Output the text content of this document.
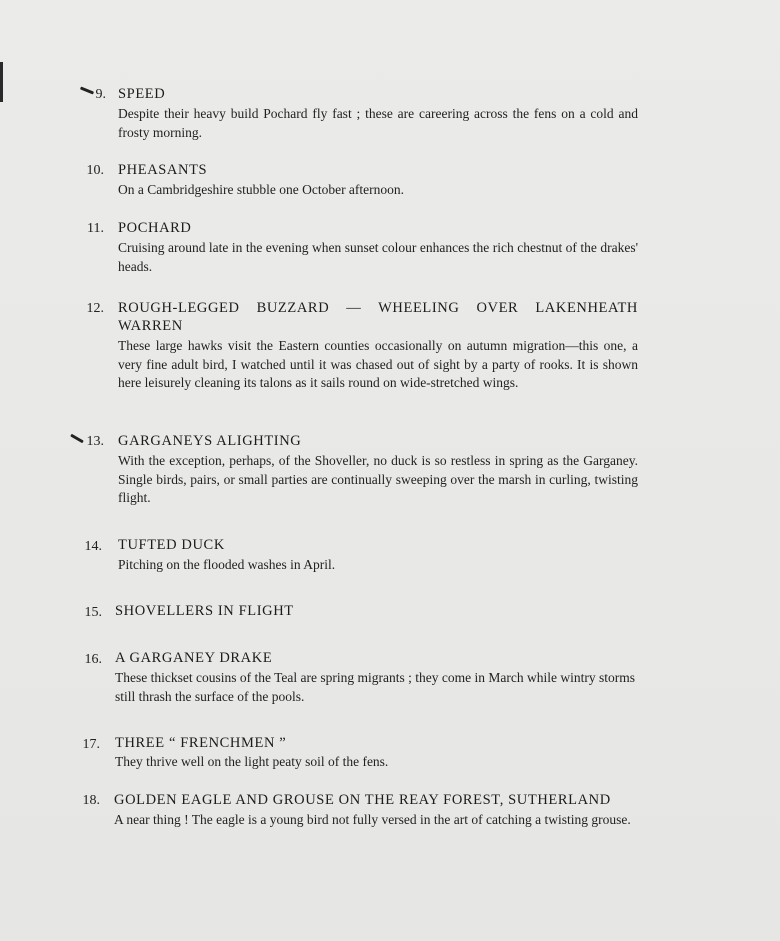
9. SPEED
Despite their heavy build Pochard fly fast ; these are careering across the fens on a cold and frosty morning.
10. PHEASANTS
On a Cambridgeshire stubble one October afternoon.
11. POCHARD
Cruising around late in the evening when sunset colour enhances the rich chestnut of the drakes' heads.
12. ROUGH-LEGGED BUZZARD — WHEELING OVER LAKENHEATH WARREN
These large hawks visit the Eastern counties occasionally on autumn migration—this one, a very fine adult bird, I watched until it was chased out of sight by a party of rooks. It is shown here leisurely cleaning its talons as it sails round on wide-stretched wings.
13. GARGANEYS ALIGHTING
With the exception, perhaps, of the Shoveller, no duck is so restless in spring as the Garganey. Single birds, pairs, or small parties are continually sweeping over the marsh in curling, twisting flight.
14. TUFTED DUCK
Pitching on the flooded washes in April.
15. SHOVELLERS IN FLIGHT
16. A GARGANEY DRAKE
These thickset cousins of the Teal are spring migrants ; they come in March while wintry storms still thrash the surface of the pools.
17. THREE “ FRENCHMEN ”
They thrive well on the light peaty soil of the fens.
18. GOLDEN EAGLE AND GROUSE ON THE REAY FOREST, SUTHERLAND
A near thing ! The eagle is a young bird not fully versed in the art of catching a twisting grouse.
